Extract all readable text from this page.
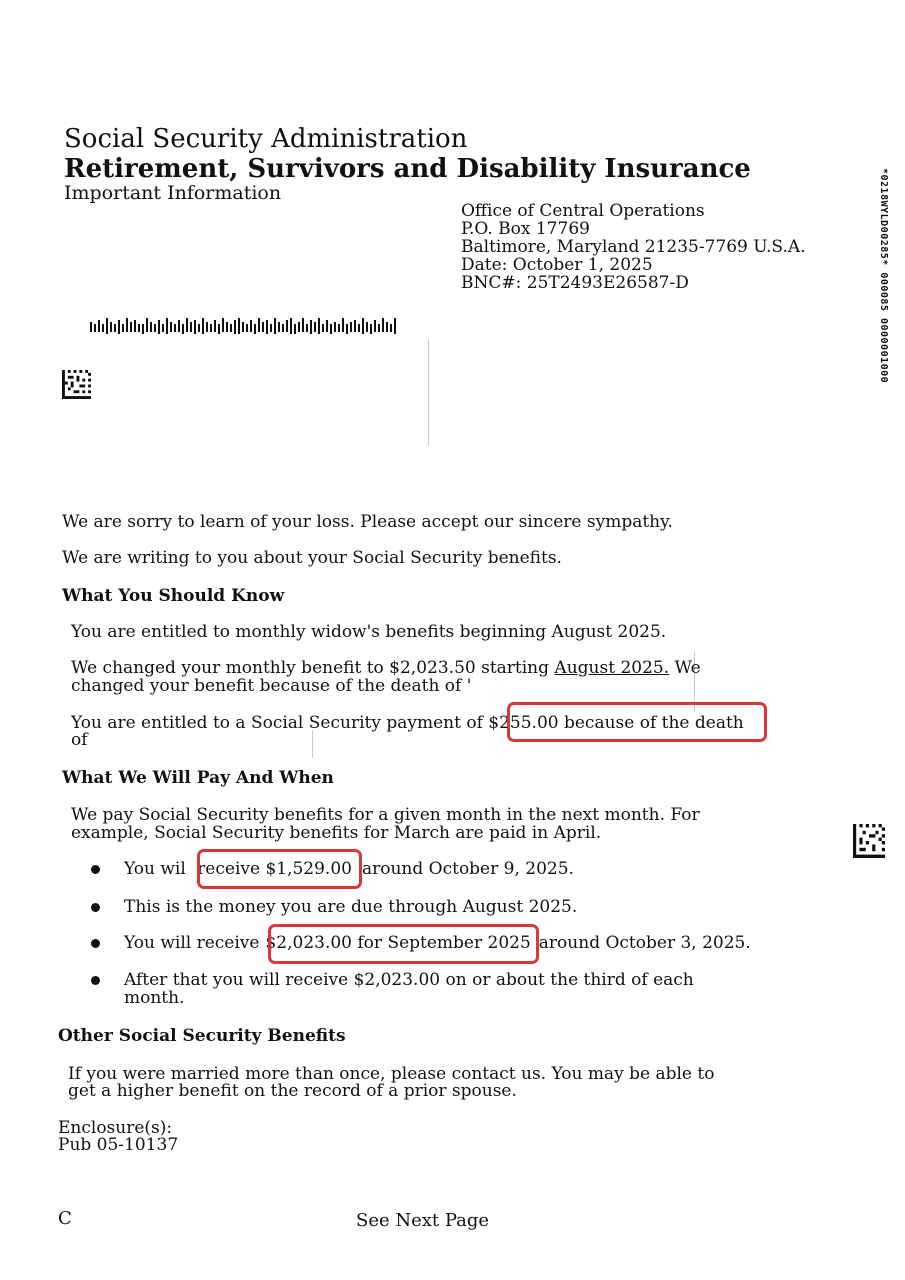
Social Security Administration
Retirement, Survivors and Disability Insurance
Important Information
Office of Central Operations
P.O. Box 17769
Baltimore, Maryland 21235-7769 U.S.A.
Date: October 1, 2025
BNC#: 25T2493E26587-D	*0218WYLD00285* 000085 0000001000
We are sorry to learn of your loss. Please accept our sincere sympathy.
We are writing to you about your Social Security benefits.
What You Should Know
You are entitled to monthly widow's benefits beginning August 2025.
We changed your monthly benefit to $2,023.50 starting August 2025. We
changed your benefit because of the death of '
You are entitled to a Social Security payment of $255.00 because of the death
of
What We Will Pay And When
We pay Social Security benefits for a given month in the next month. For
example, Social Security benefits for March are paid in April.
You wil receive $1,529.00 around October 9, 2025.
This is the money you are due through August 2025.
You will receive $2,023.00 for September 2025 around October 3, 2025.
After that you will receive $2,023.00 on or about the third of each
month.
Other Social Security Benefits
If you were married more than once, please contact us. You may be able to
get a higher benefit on the record of a prior spouse.
Enclosure(s):
Pub 05-10137
C	See Next Page
